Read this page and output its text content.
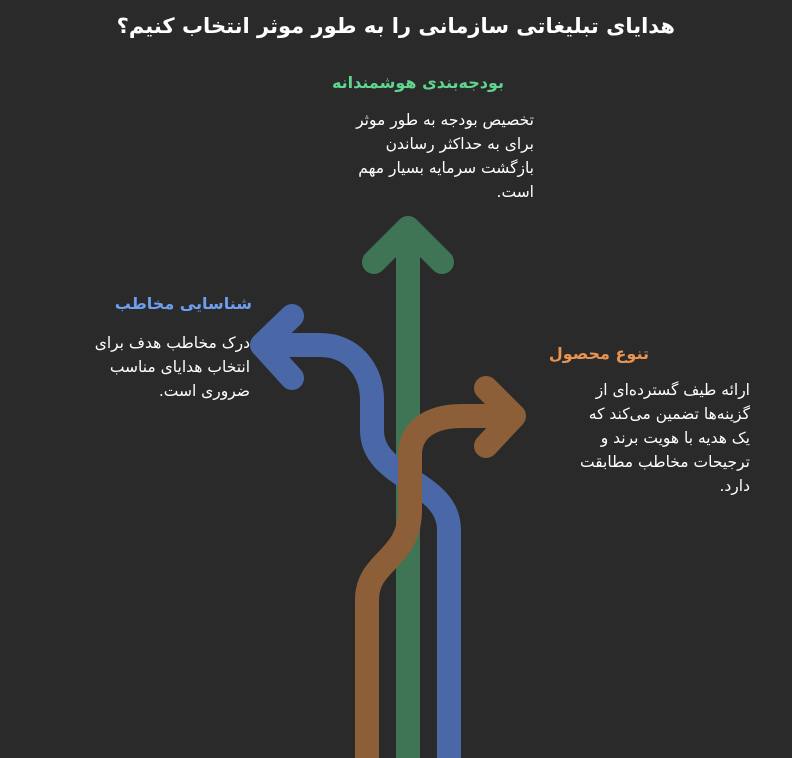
هدایای تبلیغاتی سازمانی را به طور موثر انتخاب کنیم؟
بودجه‌بندی هوشمندانه
تخصیص بودجه به طور موثر
برای به حداکثر رساندن
بازگشت سرمایه بسیار مهم
است.
شناسایی مخاطب
درک مخاطب هدف برای
انتخاب هدایای مناسب
ضروری است.
تنوع محصول
ارائه طیف گسترده‌ای از
گزینه‌ها تضمین می‌کند که
یک هدیه با هویت برند و
ترجیحات مخاطب مطابقت
دارد.
